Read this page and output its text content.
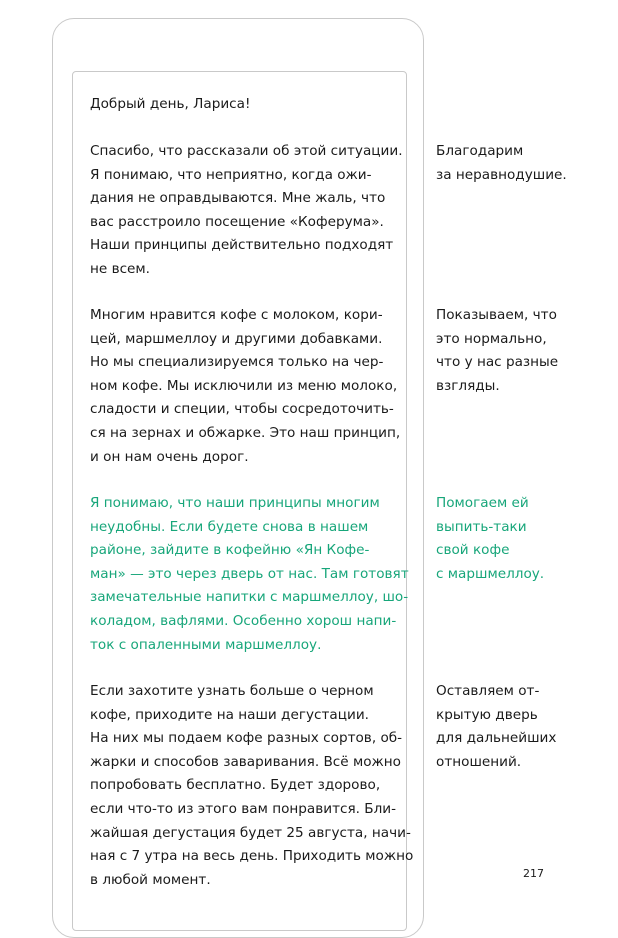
Добрый день, Лариса!

Спасибо, что рассказали об этой ситуации.
Я понимаю, что неприятно, когда ожи-
дания не оправдываются. Мне жаль, что
вас расстроило посещение «Коферума».
Наши принципы действительно подходят
не всем.

Многим нравится кофе с молоком, кори-
цей, маршмеллоу и другими добавками.
Но мы специализируемся только на чер-
ном кофе. Мы исключили из меню молоко,
сладости и специи, чтобы сосредоточить-
ся на зернах и обжарке. Это наш принцип,
и он нам очень дорог.

Я понимаю, что наши принципы многим
неудобны. Если будете снова в нашем
районе, зайдите в кофейню «Ян Кофе-
ман» — это через дверь от нас. Там готовят
замечательные напитки с маршмеллоу, шо-
коладом, вафлями. Особенно хорош напи-
ток с опаленными маршмеллоу.

Если захотите узнать больше о черном
кофе, приходите на наши дегустации.
На них мы подаем кофе разных сортов, об-
жарки и способов заваривания. Всё можно
попробовать бесплатно. Будет здорово,
если что-то из этого вам понравится. Бли-
жайшая дегустация будет 25 августа, начи-
ная с 7 утра на весь день. Приходить можно
в любой момент.

Благодарим
за неравнодушие.

Показываем, что
это нормально,
что у нас разные
взгляды.

Помогаем ей
выпить-таки
свой кофе
с маршмеллоу.

Оставляем от-
крытую дверь
для дальнейших
отношений.

217
